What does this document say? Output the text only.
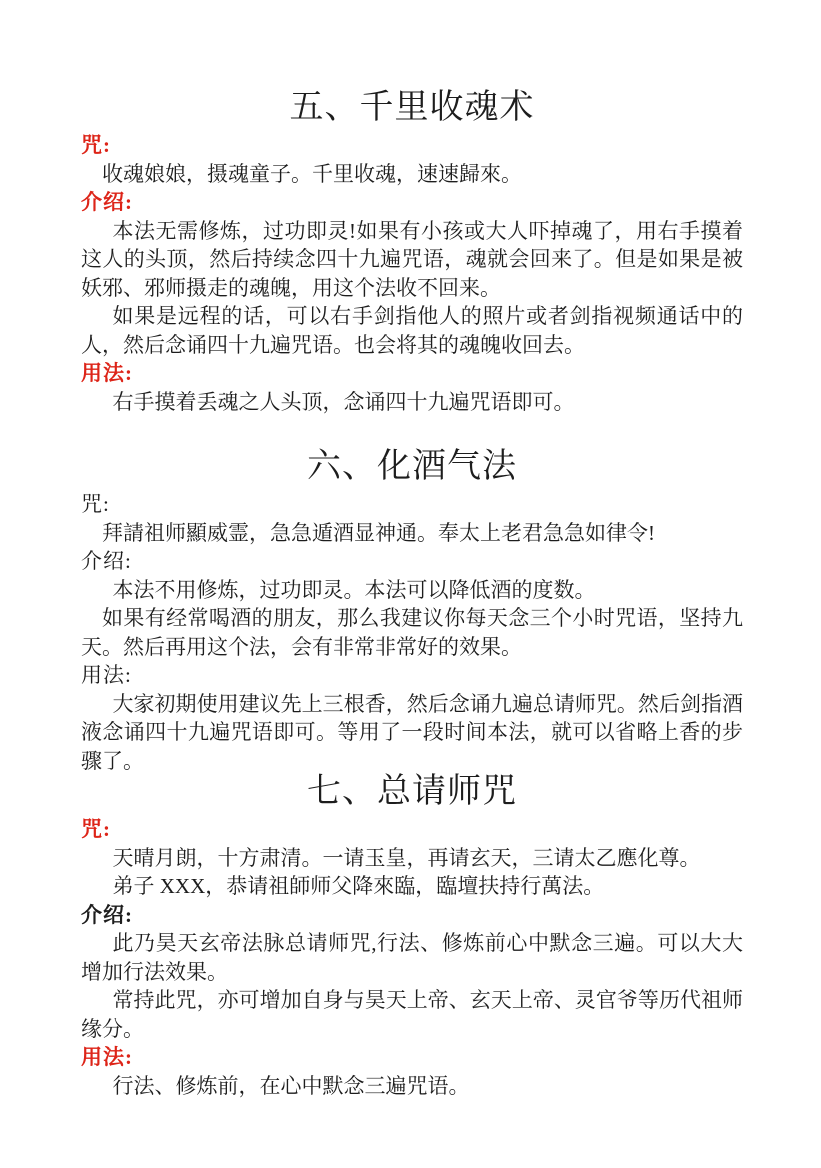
五、千里收魂术

咒:

收魂娘娘，摄魂童子。千里收魂，速速歸來。

介绍:

本法无需修炼，过功即灵!如果有小孩或大人吓掉魂了，用右手摸着这人的头顶，然后持续念四十九遍咒语，魂就会回来了。但是如果是被妖邪、邪师摄走的魂魄，用这个法收不回来。

如果是远程的话，可以右手剑指他人的照片或者剑指视频通话中的人，然后念诵四十九遍咒语。也会将其的魂魄收回去。

用法:

右手摸着丢魂之人头顶，念诵四十九遍咒语即可。

六、化酒气法

咒:

拜請祖师顯威霊，急急遁酒显神通。奉太上老君急急如律令!

介绍:

本法不用修炼，过功即灵。本法可以降低酒的度数。

如果有经常喝酒的朋友，那么我建议你每天念三个小时咒语，坚持九天。然后再用这个法，会有非常非常好的效果。

用法:

大家初期使用建议先上三根香，然后念诵九遍总请师咒。然后剑指酒液念诵四十九遍咒语即可。等用了一段时间本法，就可以省略上香的步骤了。

七、总请师咒

咒:

天晴月朗，十方肃清。一请玉皇，再请玄天，三请太乙應化尊。

弟子 XXX，恭请祖師师父降來臨，臨壇扶持行萬法。

介绍:

此乃昊天玄帝法脉总请师咒,行法、修炼前心中默念三遍。可以大大增加行法效果。

常持此咒，亦可增加自身与昊天上帝、玄天上帝、灵官爷等历代祖师缘分。

用法:

行法、修炼前，在心中默念三遍咒语。
